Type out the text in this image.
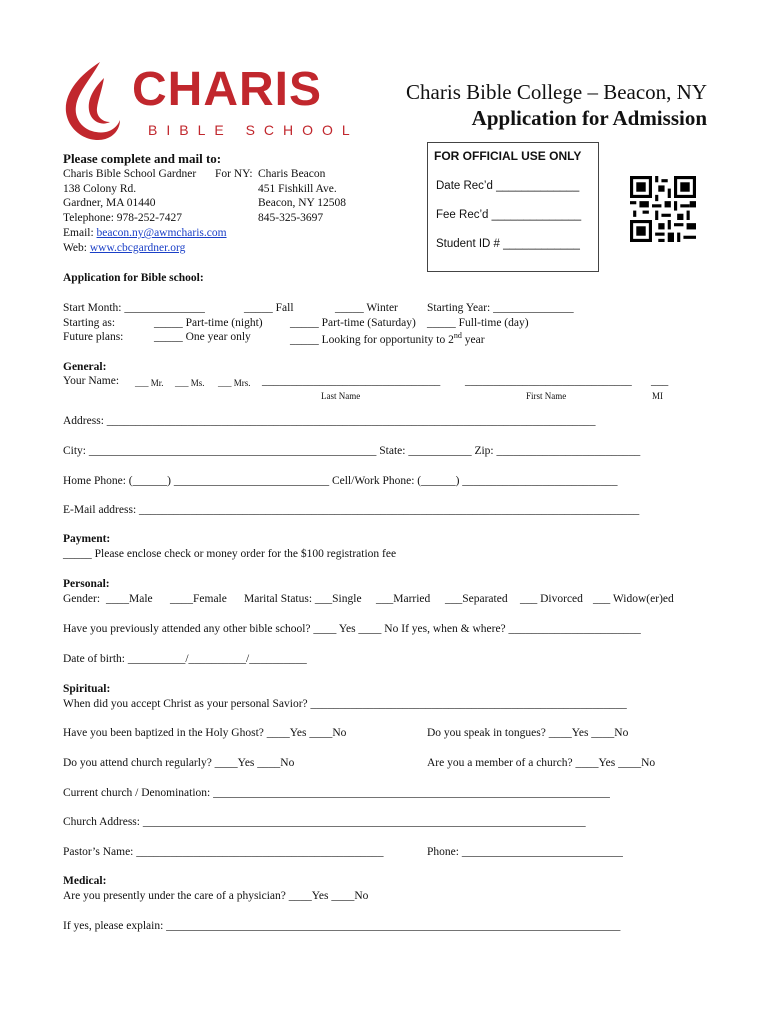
CHARIS
BIBLE SCHOOL
Charis Bible College – Beacon, NY
Application for Admission
Please complete and mail to:
Charis Bible School Gardner
138 Colony Rd.
Gardner, MA 01440
Telephone: 978-252-7427
Email: beacon.ny@awmcharis.com
Web: www.cbcgardner.org
For NY: Charis Beacon
451 Fishkill Ave.
Beacon, NY 12508
845-325-3697
FOR OFFICIAL USE ONLY
Date Rec’d _____________
Fee Rec’d ______________
Student ID # ____________
Application for Bible school:
Start Month: ______________	_____ Fall	_____ Winter	Starting Year: ______________
Starting as:	_____ Part-time (night) _____ Part-time (Saturday) _____ Full-time (day)
Future plans:	_____ One year only	_____ Looking for opportunity to 2nd year
General:
Your Name: ___ Mr. ___ Ms. ___ Mrs. _______________________________ _____________________________ ___
Last Name	First Name	MI
Address: _____________________________________________________________________________________
City: __________________________________________________ State: ___________ Zip: _________________________
Home Phone: (______) ___________________________ Cell/Work Phone: (______) ___________________________
E-Mail address: _______________________________________________________________________________________
Payment:
_____ Please enclose check or money order for the $100 registration fee
Personal:
Gender: ____Male ____Female Marital Status: ___Single ___Married ___Separated ___ Divorced ___ Widow(er)ed
Have you previously attended any other bible school? ____ Yes ____ No If yes, when & where? _______________________
Date of birth: __________/__________/__________
Spiritual:
When did you accept Christ as your personal Savior? _______________________________________________________
Have you been baptized in the Holy Ghost? ____Yes ____No	Do you speak in tongues? ____Yes ____No
Do you attend church regularly? ____Yes ____No	Are you a member of a church? ____Yes ____No
Current church / Denomination: _____________________________________________________________________
Church Address: _____________________________________________________________________________
Pastor’s Name: ___________________________________________	Phone: ____________________________
Medical:
Are you presently under the care of a physician? ____Yes ____No
If yes, please explain: _______________________________________________________________________________
